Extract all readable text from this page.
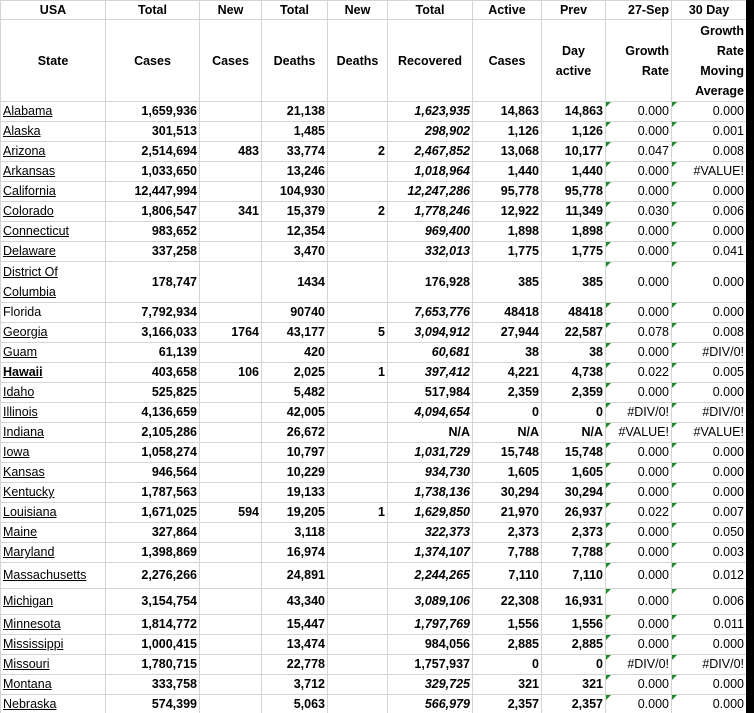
USA	Total	New	Total	New	Total	Active	Prev	27-Sep	30 Day
State	Cases	Cases	Deaths	Deaths	Recovered	Cases	Day active	Growth Rate	Growth Rate Moving Average
Alabama	1,659,936		21,138		1,623,935	14,863	14,863	0.000	0.000
Alaska	301,513		1,485		298,902	1,126	1,126	0.000	0.001
Arizona	2,514,694	483	33,774	2	2,467,852	13,068	10,177	0.047	0.008
Arkansas	1,033,650		13,246		1,018,964	1,440	1,440	0.000	#VALUE!
California	12,447,994		104,930		12,247,286	95,778	95,778	0.000	0.000
Colorado	1,806,547	341	15,379	2	1,778,246	12,922	11,349	0.030	0.006
Connecticut	983,652		12,354		969,400	1,898	1,898	0.000	0.000
Delaware	337,258		3,470		332,013	1,775	1,775	0.000	0.041
District Of Columbia	178,747		1434		176,928	385	385	0.000	0.000
Florida	7,792,934		90740		7,653,776	48418	48418	0.000	0.000
Georgia	3,166,033	1764	43,177	5	3,094,912	27,944	22,587	0.078	0.008
Guam	61,139		420		60,681	38	38	0.000	#DIV/0!
Hawaii	403,658	106	2,025	1	397,412	4,221	4,738	0.022	0.005
Idaho	525,825		5,482		517,984	2,359	2,359	0.000	0.000
Illinois	4,136,659		42,005		4,094,654	0	0	#DIV/0!	#DIV/0!
Indiana	2,105,286		26,672		N/A	N/A	N/A	#VALUE!	#VALUE!
Iowa	1,058,274		10,797		1,031,729	15,748	15,748	0.000	0.000
Kansas	946,564		10,229		934,730	1,605	1,605	0.000	0.000
Kentucky	1,787,563		19,133		1,738,136	30,294	30,294	0.000	0.000
Louisiana	1,671,025	594	19,205	1	1,629,850	21,970	26,937	0.022	0.007
Maine	327,864		3,118		322,373	2,373	2,373	0.000	0.050
Maryland	1,398,869		16,974		1,374,107	7,788	7,788	0.000	0.003
Massachusetts	2,276,266		24,891		2,244,265	7,110	7,110	0.000	0.012
Michigan	3,154,754		43,340		3,089,106	22,308	16,931	0.000	0.006
Minnesota	1,814,772		15,447		1,797,769	1,556	1,556	0.000	0.011
Mississippi	1,000,415		13,474		984,056	2,885	2,885	0.000	0.000
Missouri	1,780,715		22,778		1,757,937	0	0	#DIV/0!	#DIV/0!
Montana	333,758		3,712		329,725	321	321	0.000	0.000
Nebraska	574,399		5,063		566,979	2,357	2,357	0.000	0.000
